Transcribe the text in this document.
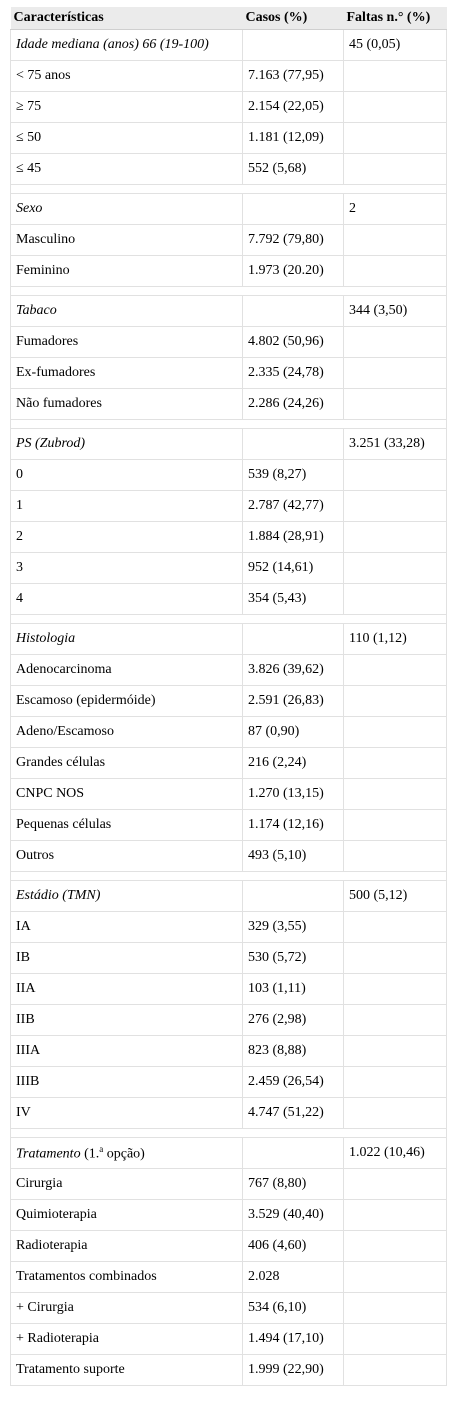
Características	Casos (%)	Faltas n.° (%)
Idade mediana (anos) 66 (19-100)		45 (0,05)
< 75 anos	7.163 (77,95)	
≥ 75	2.154 (22,05)	
≤ 50	1.181 (12,09)	
≤ 45	552 (5,68)	

Sexo		2
Masculino	7.792 (79,80)	
Feminino	1.973 (20.20)	

Tabaco		344 (3,50)
Fumadores	4.802 (50,96)	
Ex-fumadores	2.335 (24,78)	
Não fumadores	2.286 (24,26)	

PS (Zubrod)		3.251 (33,28)
0	539 (8,27)	
1	2.787 (42,77)	
2	1.884 (28,91)	
3	952 (14,61)	
4	354 (5,43)	

Histologia		110 (1,12)
Adenocarcinoma	3.826 (39,62)	
Escamoso (epidermóide)	2.591 (26,83)	
Adeno/Escamoso	87 (0,90)	
Grandes células	216 (2,24)	
CNPC NOS	1.270 (13,15)	
Pequenas células	1.174 (12,16)	
Outros	493 (5,10)	

Estádio (TMN)		500 (5,12)
IA	329 (3,55)	
IB	530 (5,72)	
IIA	103 (1,11)	
IIB	276 (2,98)	
IIIA	823 (8,88)	
IIIB	2.459 (26,54)	
IV	4.747 (51,22)	

Tratamento (1.$^a$ opção)		1.022 (10,46)
Cirurgia	767 (8,80)	
Quimioterapia	3.529 (40,40)	
Radioterapia	406 (4,60)	
Tratamentos combinados	2.028	
+ Cirurgia	534 (6,10)	
+ Radioterapia	1.494 (17,10)	
Tratamento suporte	1.999 (22,90)	
